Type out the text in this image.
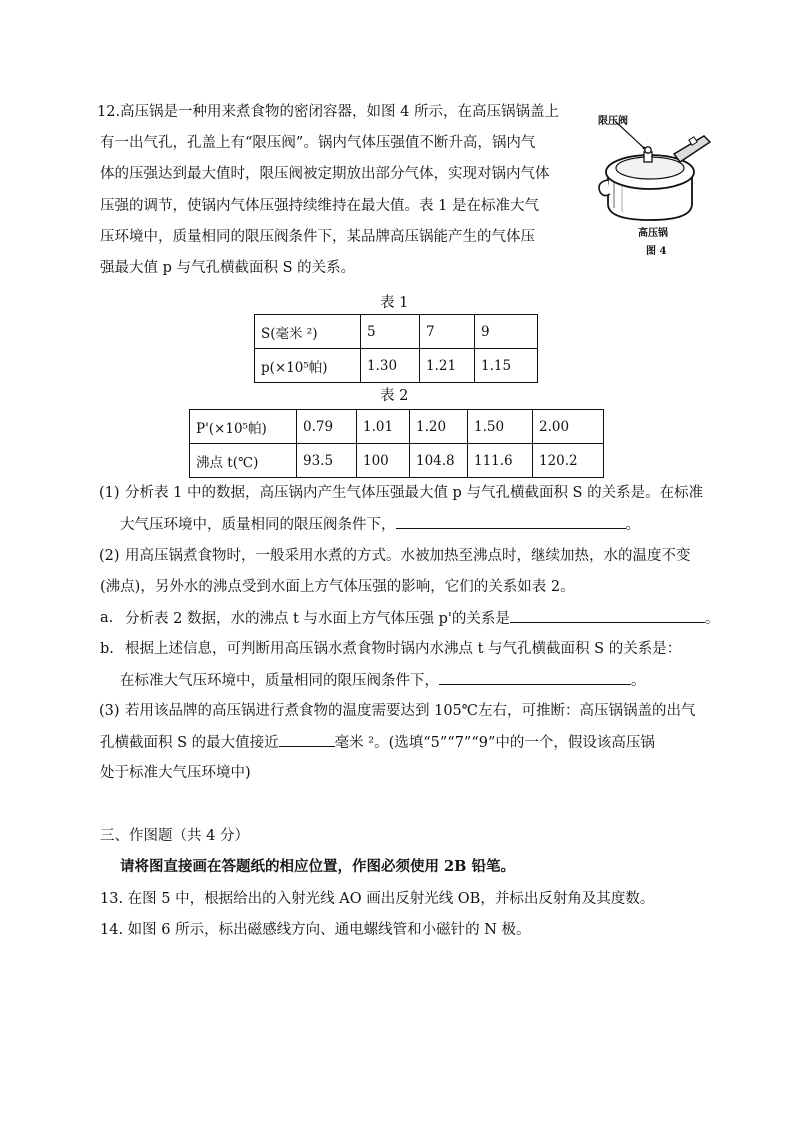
12. 高压锅是一种用来煮食物的密闭容器，如图 4 所示，在高压锅锅盖上
有一出气孔，孔盖上有“限压阀”。锅内气体压强值不断升高，锅内气
体的压强达到最大值时，限压阀被定期放出部分气体，实现对锅内气体
压强的调节，使锅内气体压强持续维持在最大值。表 1 是在标准大气
压环境中，质量相同的限压阀条件下，某品牌高压锅能产生的气体压
强最大值 p 与气孔横截面积 S 的关系。
限压阀
高压锅
图 4
表 1
S(毫米 ²)	5	7	9
p(×10⁵帕)	1.30	1.21	1.15
表 2
P'(×10⁵帕)	0.79	1.01	1.20	1.50	2.00
沸点 t(℃)	93.5	100	104.8	111.6	120.2
(1) 分析表 1 中的数据，高压锅内产生气体压强最大值 p 与气孔横截面积 S 的关系是。在标准
大气压环境中，质量相同的限压阀条件下，	。
(2) 用高压锅煮食物时，一般采用水煮的方式。水被加热至沸点时，继续加热，水的温度不变
(沸点)，另外水的沸点受到水面上方气体压强的影响，它们的关系如表 2。
a. 分析表 2 数据，水的沸点 t 与水面上方气体压强 p'的关系是	。
b. 根据上述信息，可判断用高压锅水煮食物时锅内水沸点 t 与气孔横截面积 S 的关系是：
在标准大气压环境中，质量相同的限压阀条件下，	。
(3) 若用该品牌的高压锅进行煮食物的温度需要达到 105℃左右，可推断：高压锅锅盖的出气
孔横截面积 S 的最大值接近	毫米 ²。(选填“5”“7”“9”中的一个，假设该高压锅
处于标准大气压环境中)
三、作图题（共 4 分）
请将图直接画在答题纸的相应位置，作图必须使用 2B 铅笔。
13. 在图 5 中，根据给出的入射光线 AO 画出反射光线 OB，并标出反射角及其度数。
14. 如图 6 所示，标出磁感线方向、通电螺线管和小磁针的 N 极。
